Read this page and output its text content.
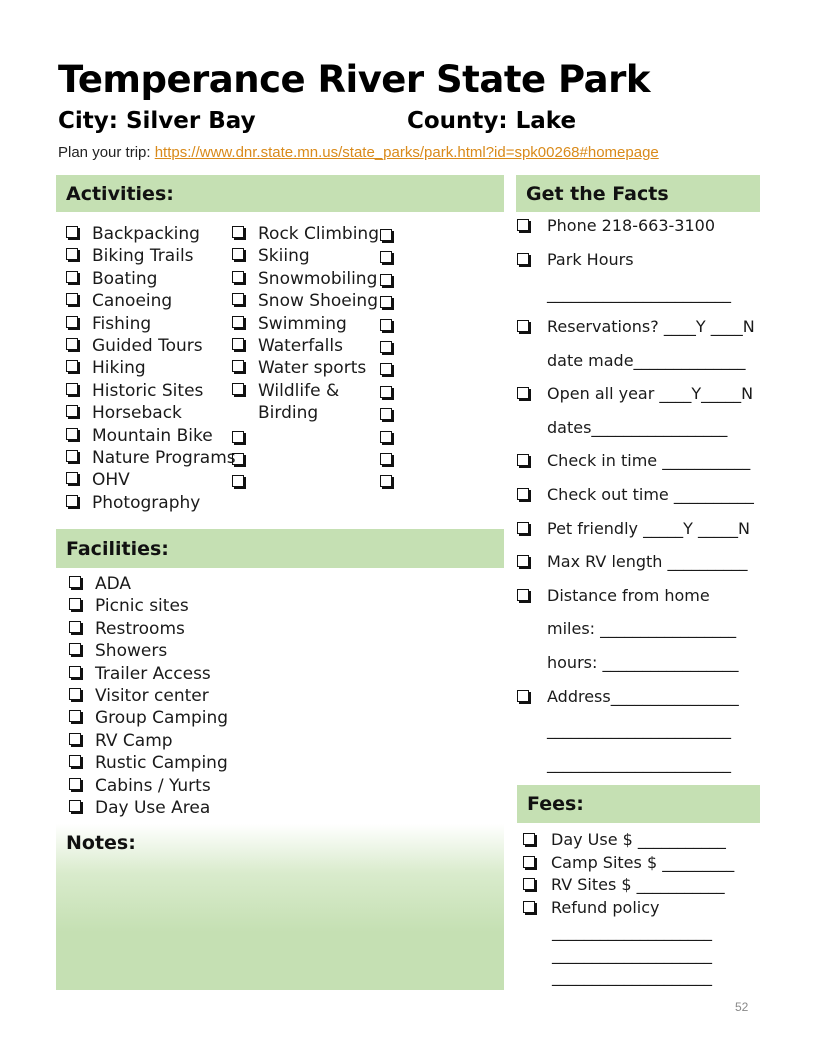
Temperance River State Park
City: Silver Bay	County: Lake
Plan your trip: https://www.dnr.state.mn.us/state_parks/park.html?id=spk00268#homepage
Activities:
Backpacking
Biking Trails
Boating
Canoeing
Fishing
Guided Tours
Hiking
Historic Sites
Horseback
Mountain Bike
Nature Programs
OHV
Photography
Rock Climbing
Skiing
Snowmobiling
Snow Shoeing
Swimming
Waterfalls
Water sports
Wildlife &
Birding
Facilities:
ADA
Picnic sites
Restrooms
Showers
Trailer Access
Visitor center
Group Camping
RV Camp
Rustic Camping
Cabins / Yurts
Day Use Area
Notes:
Get the Facts
Phone 218-663-3100
Park Hours
_______________________
Reservations? ____Y ____N
date made______________
Open all year ____Y_____N
dates_________________
Check in time ___________
Check out time __________
Pet friendly _____Y _____N
Max RV length __________
Distance from home
miles: _________________
hours: _________________
Address________________
_______________________
_______________________
Fees:
Day Use $ ___________
Camp Sites $ _________
RV Sites $ ___________
Refund policy
____________________
____________________
____________________
52
